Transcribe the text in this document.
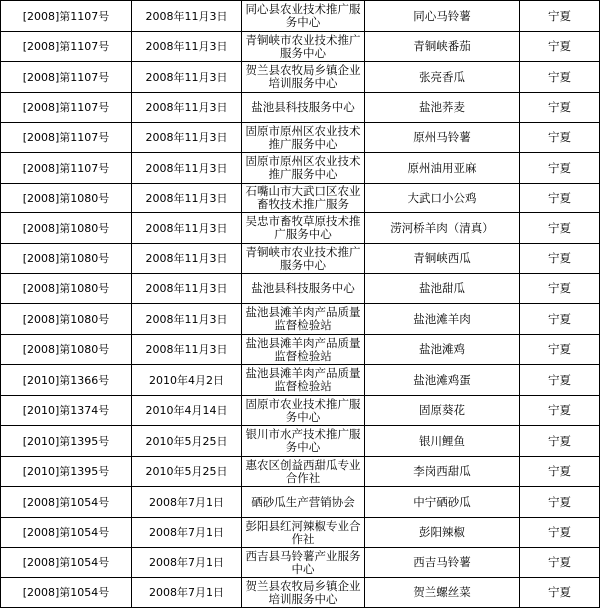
[2008]第1107号	2008年11月3日	同心县农业技术推广服务中心	同心马铃薯	宁夏
[2008]第1107号	2008年11月3日	青铜峡市农业技术推广服务中心	青铜峡番茄	宁夏
[2008]第1107号	2008年11月3日	贺兰县农牧局乡镇企业培训服务中心	张亮香瓜	宁夏
[2008]第1107号	2008年11月3日	盐池县科技服务中心	盐池荞麦	宁夏
[2008]第1107号	2008年11月3日	固原市原州区农业技术推广服务中心	原州马铃薯	宁夏
[2008]第1107号	2008年11月3日	固原市原州区农业技术推广服务中心	原州油用亚麻	宁夏
[2008]第1080号	2008年11月3日	石嘴山市大武口区农业畜牧技术推广服务	大武口小公鸡	宁夏
[2008]第1080号	2008年11月3日	吴忠市畜牧草原技术推广服务中心	涝河桥羊肉（清真）	宁夏
[2008]第1080号	2008年11月3日	青铜峡市农业技术推广服务中心	青铜峡西瓜	宁夏
[2008]第1080号	2008年11月3日	盐池县科技服务中心	盐池甜瓜	宁夏
[2008]第1080号	2008年11月3日	盐池县滩羊肉产品质量监督检验站	盐池滩羊肉	宁夏
[2008]第1080号	2008年11月3日	盐池县滩羊肉产品质量监督检验站	盐池滩鸡	宁夏
[2010]第1366号	2010年4月2日	盐池县滩羊肉产品质量监督检验站	盐池滩鸡蛋	宁夏
[2010]第1374号	2010年4月14日	固原市农业技术推广服务中心	固原葵花	宁夏
[2010]第1395号	2010年5月25日	银川市水产技术推广服务中心	银川鲤鱼	宁夏
[2010]第1395号	2010年5月25日	惠农区创益西甜瓜专业合作社	李岗西甜瓜	宁夏
[2008]第1054号	2008年7月1日	硒砂瓜生产营销协会	中宁硒砂瓜	宁夏
[2008]第1054号	2008年7月1日	彭阳县红河辣椒专业合作社	彭阳辣椒	宁夏
[2008]第1054号	2008年7月1日	西吉县马铃薯产业服务中心	西吉马铃薯	宁夏
[2008]第1054号	2008年7月1日	贺兰县农牧局乡镇企业培训服务中心	贺兰螺丝菜	宁夏
